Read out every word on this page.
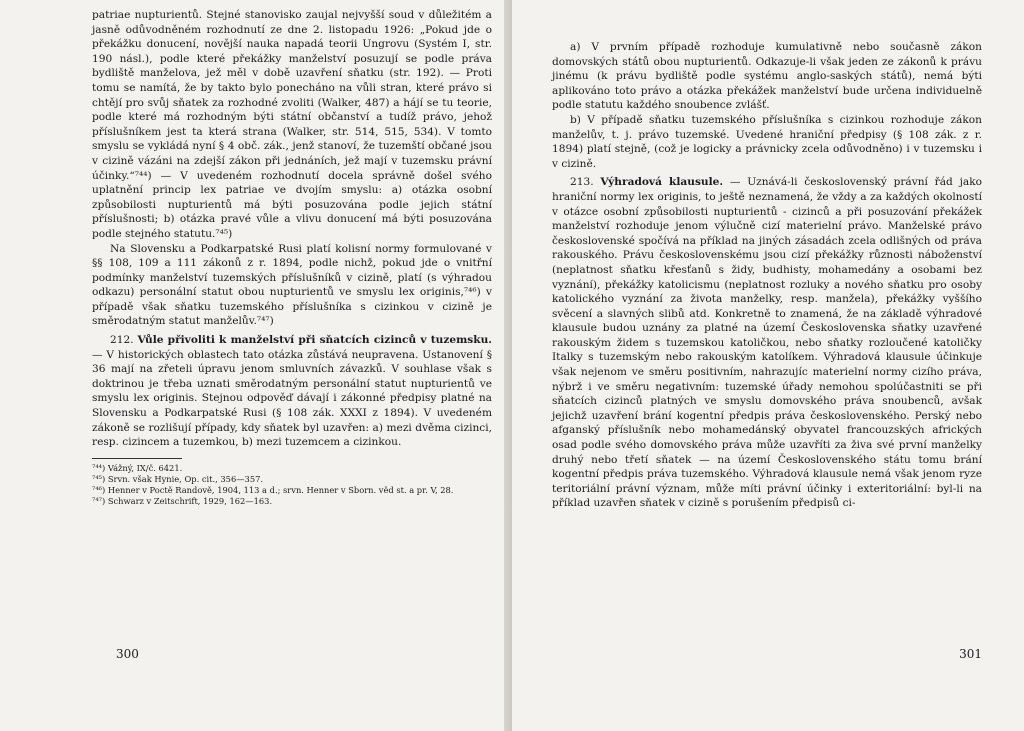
patriae nupturientů. Stejné stanovisko zaujal nejvyšší soud v důležitém a jasně odůvodněném rozhodnutí ze dne 2. listopadu 1926: „Pokud jde o překážku donucení, novější nauka napadá teorii Ungrovu (Systém I, str. 190 násl.), podle které překážky manželství posuzují se podle práva bydliště manželova, jež měl v době uzavření sňatku (str. 192). — Proti tomu se namítá, že by takto bylo ponecháno na vůli stran, které právo si chtějí pro svůj sňatek za rozhodné zvoliti (Walker, 487) a hájí se tu teorie, podle které má rozhodným býti státní občanství a tudíž právo, jehož příslušníkem jest ta která strana (Walker, str. 514, 515, 534). V tomto smyslu se vykládá nyní § 4 obč. zák., jenž stanoví, že tuzemští občané jsou v cizině vázáni na zdejší zákon při jednáních, jež mají v tuzemsku právní účinky.“⁷⁴⁴) — V uvedeném rozhodnutí docela správně došel svého uplatnění princip lex patriae ve dvojím smyslu: a) otázka osobní způsobilosti nupturientů má býti posuzována podle jejich státní příslušnosti; b) otázka pravé vůle a vlivu donucení má býti posuzována podle stejného statutu.⁷⁴⁵)

Na Slovensku a Podkarpatské Rusi platí kolisní normy formulované v §§ 108, 109 a 111 zákonů z r. 1894, podle nichž, pokud jde o vnitřní podmínky manželství tuzemských příslušníků v cizině, platí (s výhradou odkazu) personální statut obou nupturientů ve smyslu lex originis,⁷⁴⁶) v případě však sňatku tuzemského příslušníka s cizinkou v cizině je směrodatným statut manželův.⁷⁴⁷)

212. Vůle přivoliti k manželství při sňatcích cizinců v tuzemsku. — V historických oblastech tato otázka zůstává neupravena. Ustanovení § 36 mají na zřeteli úpravu jenom smluvních závazků. V souhlase však s doktrinou je třeba uznati směrodatným personální statut nupturientů ve smyslu lex originis. Stejnou odpověď dávají i zákonné předpisy platné na Slovensku a Podkarpatské Rusi (§ 108 zák. XXXI z 1894). V uvedeném zákoně se rozlišují případy, kdy sňatek byl uzavřen: a) mezi dvěma cizinci, resp. cizincem a tuzemkou, b) mezi tuzemcem a cizinkou.

⁷⁴⁴) Vážný, IX/č. 6421.

⁷⁴⁵) Srvn. však Hynie, Op. cit., 356—357.

⁷⁴⁶) Henner v Poctě Randově, 1904, 113 a d.; srvn. Henner v Sborn. věd st. a pr. V, 28.

⁷⁴⁷) Schwarz v Zeitschrift, 1929, 162—163.

300

a) V prvním případě rozhoduje kumulativně nebo současně zákon domovských států obou nupturientů. Odkazuje-li však jeden ze zákonů k právu jinému (k právu bydliště podle systému anglo-saských států), nemá býti aplikováno toto právo a otázka překážek manželství bude určena individuelně podle statutu každého snoubence zvlášť.

b) V případě sňatku tuzemského příslušníka s cizinkou rozhoduje zákon manželův, t. j. právo tuzemské. Uvedené hraniční předpisy (§ 108 zák. z r. 1894) platí stejně, (což je logicky a právnicky zcela odůvodněno) i v tuzemsku i v cizině.

213. Výhradová klausule. — Uznává-li československý právní řád jako hraniční normy lex originis, to ještě neznamená, že vždy a za každých okolností v otázce osobní způsobilosti nupturientů - cizinců a při posuzování překážek manželství rozhoduje jenom výlučně cizí materielní právo. Manželské právo československé spočívá na příklad na jiných zásadách zcela odlišných od práva rakouského. Právu československému jsou cizí překážky různosti náboženství (neplatnost sňatku křesťanů s židy, budhisty, mohamedány a osobami bez vyznání), překážky katolicismu (neplatnost rozluky a nového sňatku pro osoby katolického vyznání za života manželky, resp. manžela), překážky vyššího svěcení a slavných slibů atd. Konkretně to znamená, že na základě výhradové klausule budou uznány za platné na území Československa sňatky uzavřené rakouským židem s tuzemskou katoličkou, nebo sňatky rozloučené katoličky Italky s tuzemským nebo rakouským katolíkem. Výhradová klausule účinkuje však nejenom ve směru positivním, nahrazujíc materielní normy cizího práva, nýbrž i ve směru negativním: tuzemské úřady nemohou spolúčastniti se při sňatcích cizinců platných ve smyslu domovského práva snoubenců, avšak jejichž uzavření brání kogentní předpis práva československého. Perský nebo afganský příslušník nebo mohamedánský obyvatel francouzských afrických osad podle svého domovského práva může uzavříti za živa své první manželky druhý nebo třetí sňatek — na území Československého státu tomu brání kogentní předpis práva tuzemského. Výhradová klausule nemá však jenom ryze teritoriální právní význam, může míti právní účinky i exteritoriální: byl-li na příklad uzavřen sňatek v cizině s porušením předpisů ci-

301
